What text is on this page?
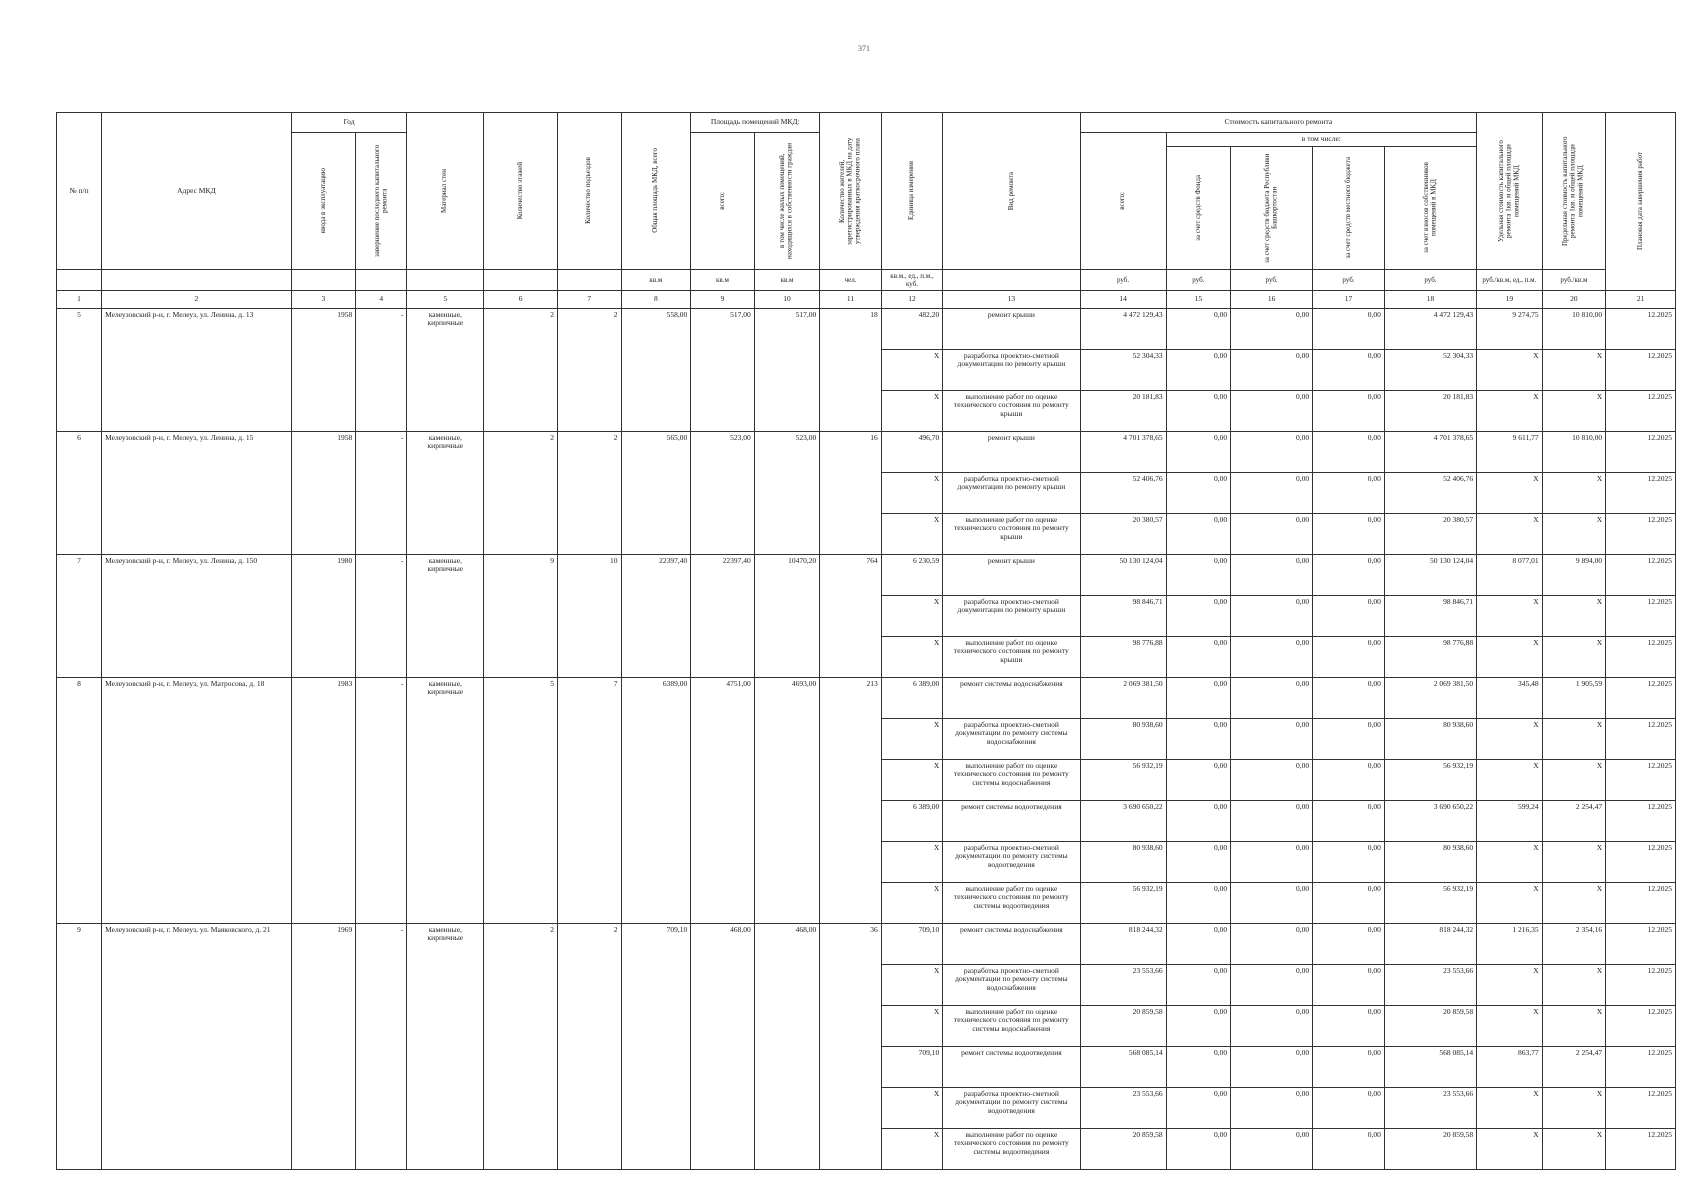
371
№ п/п	Адрес МКД	Год		Материал стен	Количество этажей	Количество подъездов	Общая площадь МКД, всего	Площадь помещений МКД:		Количество жителей, зарегистрированных в МКД на дату утверждения краткосрочного плана	Единица измерения	Вид ремонта	Стоимость капитального ремонта					Удельная стоимость капитального ремонта 1кв. м общей площади помещений МКД	Предельная стоимость капитального ремонта 1кв. м общей площади помещений МКД	Плановая дата завершения работ

		ввода в эксплуатацию	завершение последнего капитального ремонта					всего:	в том числе жилых помещений, находящихся в собственности граждан				всего:	в том числе:						

														за счет средств Фонда	за счет средств бюджета Республики Башкортостан	за счет средств местного бюджета	за счет взносов собственников помещений в МКД			

							кв.м	кв.м	кв.м	чел.	кв.м., ед., п.м., куб.		руб.	руб.	руб.	руб.	руб.	руб./кв.м, ед., п.м.	руб./кв.м	
1	2	3	4	5	6	7	8	9	10	11	12	13	14	15	16	17	18	19	20	21
5	Мелеузовский р-н, г. Мелеуз, ул. Ленина, д. 13	1958	-	каменные, кирпичные	2	2	558,00	517,00	517,00	18	482,20	ремонт крыши	4 472 129,43	0,00	0,00	0,00	4 472 129,43	9 274,75	10 810,00	12.2025
											X	разработка проектно-сметной документации по ремонту крыши	52 304,33	0,00	0,00	0,00	52 304,33	X	X	12.2025
											X	выполнение работ по оценке технического состояния по ремонту крыши	20 181,83	0,00	0,00	0,00	20 181,83	X	X	12.2025
6	Мелеузовский р-н, г. Мелеуз, ул. Ленина, д. 15	1958	-	каменные, кирпичные	2	2	565,00	523,00	523,00	16	496,70	ремонт крыши	4 701 378,65	0,00	0,00	0,00	4 701 378,65	9 611,77	10 810,00	12.2025
											X	разработка проектно-сметной документации по ремонту крыши	52 406,76	0,00	0,00	0,00	52 406,76	X	X	12.2025
											X	выполнение работ по оценке технического состояния по ремонту крыши	20 380,57	0,00	0,00	0,00	20 380,57	X	X	12.2025
7	Мелеузовский р-н, г. Мелеуз, ул. Ленина, д. 150	1980	-	каменные, кирпичные	9	10	22397,40	22397,40	10470,20	764	6 230,59	ремонт крыши	50 130 124,04	0,00	0,00	0,00	50 130 124,04	8 077,01	9 894,00	12.2025
											X	разработка проектно-сметной документации по ремонту крыши	98 846,71	0,00	0,00	0,00	98 846,71	X	X	12.2025
											X	выполнение работ по оценке технического состояния по ремонту крыши	98 776,88	0,00	0,00	0,00	98 776,88	X	X	12.2025
8	Мелеузовский р-н, г. Мелеуз, ул. Матросова, д. 18	1983	-	каменные, кирпичные	5	7	6389,00	4751,00	4693,00	213	6 389,00	ремонт системы водоснабжения	2 069 381,50	0,00	0,00	0,00	2 069 381,50	345,48	1 905,59	12.2025
											X	разработка проектно-сметной документации по ремонту системы водоснабжения	80 938,60	0,00	0,00	0,00	80 938,60	X	X	12.2025
											X	выполнение работ по оценке технического состояния по ремонту системы водоснабжения	56 932,19	0,00	0,00	0,00	56 932,19	X	X	12.2025
											6 389,00	ремонт системы водоотведения	3 690 650,22	0,00	0,00	0,00	3 690 650,22	599,24	2 254,47	12.2025
											X	разработка проектно-сметной документации по ремонту системы водоотведения	80 938,60	0,00	0,00	0,00	80 938,60	X	X	12.2025
											X	выполнение работ по оценке технического состояния по ремонту системы водоотведения	56 932,19	0,00	0,00	0,00	56 932,19	X	X	12.2025
9	Мелеузовский р-н, г. Мелеуз, ул. Маяковского, д. 21	1969	-	каменные, кирпичные	2	2	709,10	468,00	468,00	36	709,10	ремонт системы водоснабжения	818 244,32	0,00	0,00	0,00	818 244,32	1 216,35	2 354,16	12.2025
											X	разработка проектно-сметной документации по ремонту системы водоснабжения	23 553,66	0,00	0,00	0,00	23 553,66	X	X	12.2025
											X	выполнение работ по оценке технического состояния по ремонту системы водоснабжения	20 859,58	0,00	0,00	0,00	20 859,58	X	X	12.2025
											709,10	ремонт системы водоотведения	568 085,14	0,00	0,00	0,00	568 085,14	863,77	2 254,47	12.2025
											X	разработка проектно-сметной документации по ремонту системы водоотведения	23 553,66	0,00	0,00	0,00	23 553,66	X	X	12.2025
											X	выполнение работ по оценке технического состояния по ремонту системы водоотведения	20 859,58	0,00	0,00	0,00	20 859,58	X	X	12.2025
